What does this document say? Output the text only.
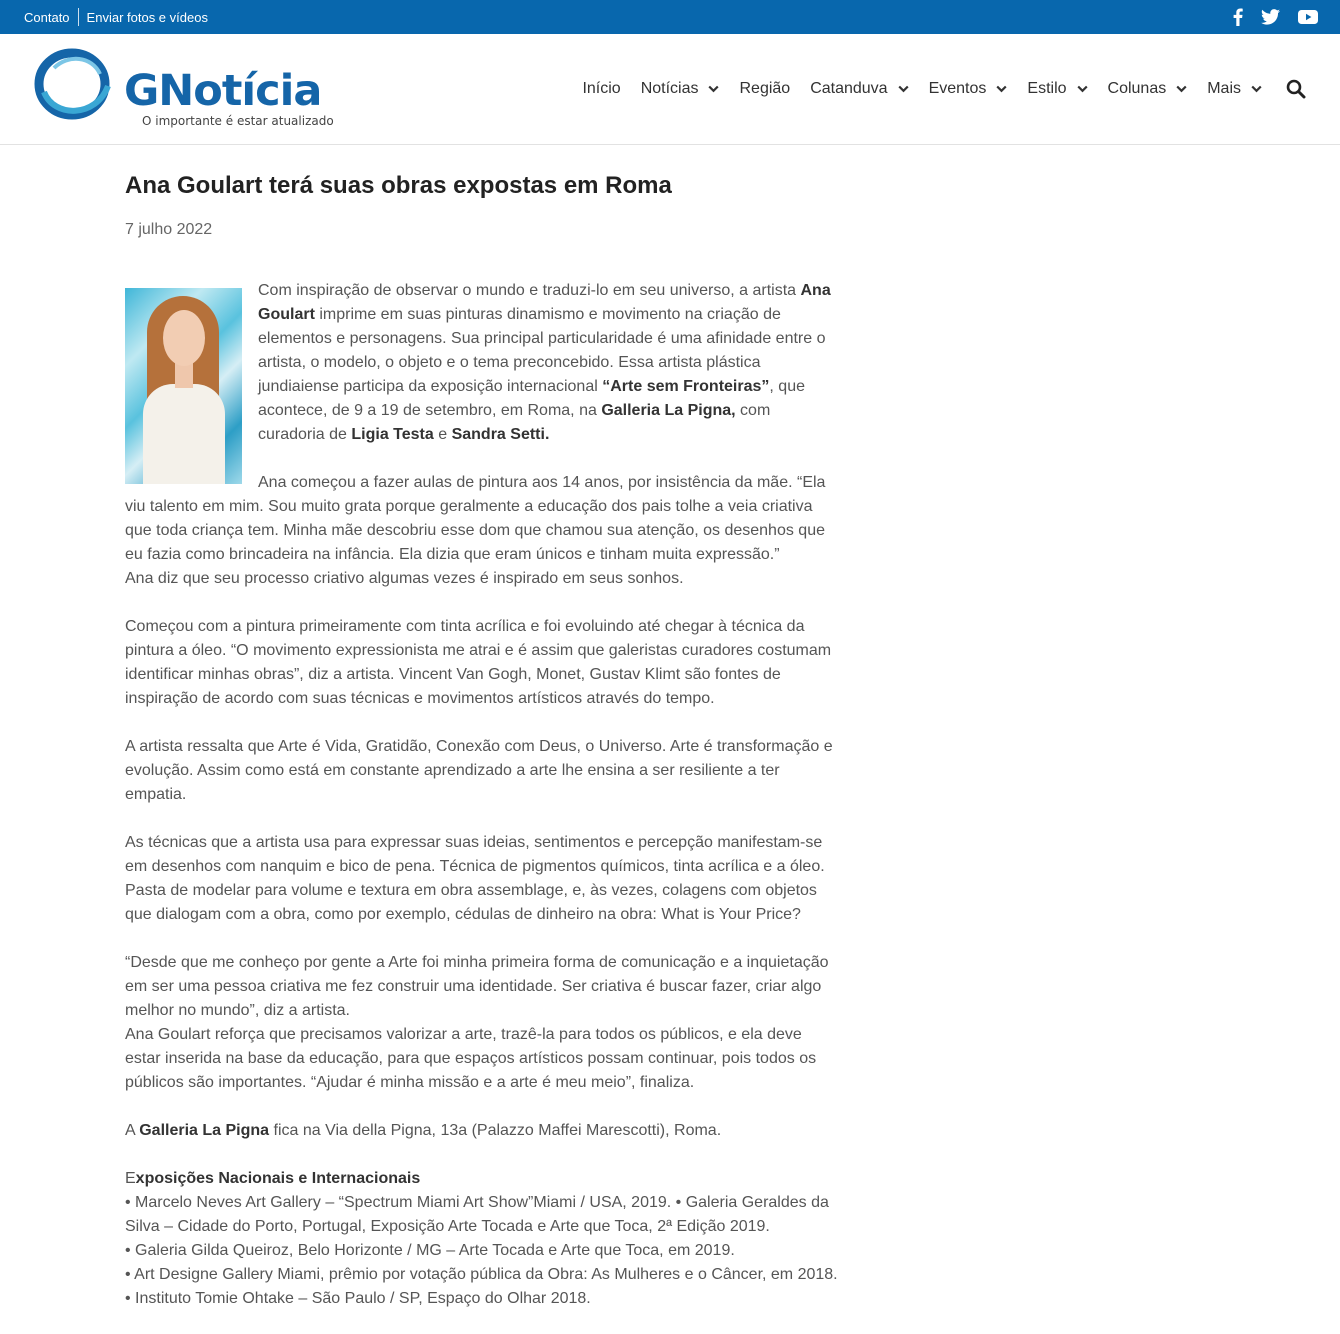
Contato Enviar fotos e vídeos
GNotícia
O importante é estar atualizado
Início Notícias	Região Catanduva	Eventos	Estilo	Colunas	Mais
Ana Goulart terá suas obras expostas em Roma
7 julho 2022

Com inspiração de observar o mundo e traduzi-lo em seu universo, a artista Ana Goulart imprime em suas pinturas dinamismo e movimento na criação de elementos e personagens. Sua principal particularidade é uma afinidade entre o artista, o modelo, o objeto e o tema preconcebido. Essa artista plástica jundiaiense participa da exposição internacional “Arte sem Fronteiras”, que acontece, de 9 a 19 de setembro, em Roma, na Galleria La Pigna, com curadoria de Ligia Testa e Sandra Setti.

Ana começou a fazer aulas de pintura aos 14 anos, por insistência da mãe. “Ela viu talento em mim. Sou muito grata porque geralmente a educação dos pais tolhe a veia criativa que toda criança tem. Minha mãe descobriu esse dom que chamou sua atenção, os desenhos que eu fazia como brincadeira na infância. Ela dizia que eram únicos e tinham muita expressão.”

Ana diz que seu processo criativo algumas vezes é inspirado em seus sonhos.

Começou com a pintura primeiramente com tinta acrílica e foi evoluindo até chegar à técnica da pintura a óleo. “O movimento expressionista me atrai e é assim que galeristas curadores costumam identificar minhas obras”, diz a artista. Vincent Van Gogh, Monet, Gustav Klimt são fontes de inspiração de acordo com suas técnicas e movimentos artísticos através do tempo.

A artista ressalta que Arte é Vida, Gratidão, Conexão com Deus, o Universo. Arte é transformação e evolução. Assim como está em constante aprendizado a arte lhe ensina a ser resiliente a ter empatia.

As técnicas que a artista usa para expressar suas ideias, sentimentos e percepção manifestam-se em desenhos com nanquim e bico de pena. Técnica de pigmentos químicos, tinta acrílica e a óleo. Pasta de modelar para volume e textura em obra assemblage, e, às vezes, colagens com objetos que dialogam com a obra, como por exemplo, cédulas de dinheiro na obra: What is Your Price?

“Desde que me conheço por gente a Arte foi minha primeira forma de comunicação e a inquietação em ser uma pessoa criativa me fez construir uma identidade. Ser criativa é buscar fazer, criar algo melhor no mundo”, diz a artista.

Ana Goulart reforça que precisamos valorizar a arte, trazê-la para todos os públicos, e ela deve estar inserida na base da educação, para que espaços artísticos possam continuar, pois todos os públicos são importantes. “Ajudar é minha missão e a arte é meu meio”, finaliza.

A Galleria La Pigna fica na Via della Pigna, 13a (Palazzo Maffei Marescotti), Roma.

Exposições Nacionais e Internacionais
• Marcelo Neves Art Gallery – “Spectrum Miami Art Show”Miami / USA, 2019. • Galeria Geraldes da Silva – Cidade do Porto, Portugal, Exposição Arte Tocada e Arte que Toca, 2ª Edição 2019.
• Galeria Gilda Queiroz, Belo Horizonte / MG – Arte Tocada e Arte que Toca, em 2019.
• Art Designe Gallery Miami, prêmio por votação pública da Obra: As Mulheres e o Câncer, em 2018.
• Instituto Tomie Ohtake – São Paulo / SP, Espaço do Olhar 2018.
